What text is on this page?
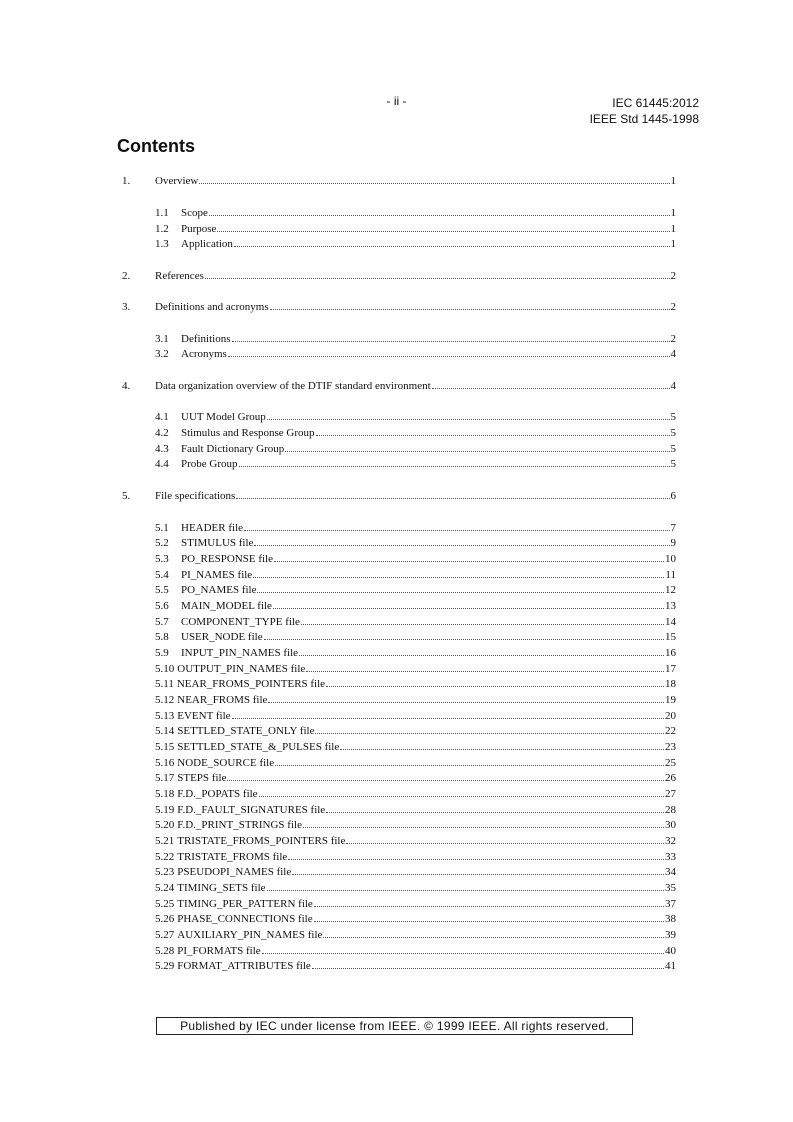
- ii -	IEC 61445:2012
IEEE Std 1445-1998
Contents
1.	Overview	1
1.1	Scope	1
1.2	Purpose	1
1.3	Application	1
2.	References	2
3.	Definitions and acronyms	2
3.1	Definitions	2
3.2	Acronyms	4
4.	Data organization overview of the DTIF standard environment	4
4.1	UUT Model Group	5
4.2	Stimulus and Response Group	5
4.3	Fault Dictionary Group	5
4.4	Probe Group	5
5.	File specifications	6
5.1	HEADER file	7
5.2	STIMULUS file	9
5.3	PO_RESPONSE file	10
5.4	PI_NAMES file	11
5.5	PO_NAMES file	12
5.6	MAIN_MODEL file	13
5.7	COMPONENT_TYPE file	14
5.8	USER_NODE file	15
5.9	INPUT_PIN_NAMES file	16
5.10 OUTPUT_PIN_NAMES file	17
5.11 NEAR_FROMS_POINTERS file	18
5.12 NEAR_FROMS file	19
5.13 EVENT file	20
5.14 SETTLED_STATE_ONLY file	22
5.15 SETTLED_STATE_&_PULSES file	23
5.16 NODE_SOURCE file	25
5.17 STEPS file	26
5.18 F.D._POPATS file	27
5.19 F.D._FAULT_SIGNATURES file	28
5.20 F.D._PRINT_STRINGS file	30
5.21 TRISTATE_FROMS_POINTERS file	32
5.22 TRISTATE_FROMS file	33
5.23 PSEUDOPI_NAMES file	34
5.24 TIMING_SETS file	35
5.25 TIMING_PER_PATTERN file	37
5.26 PHASE_CONNECTIONS file	38
5.27 AUXILIARY_PIN_NAMES file	39
5.28 PI_FORMATS file	40
5.29 FORMAT_ATTRIBUTES file	41
Published by IEC under license from IEEE. © 1999 IEEE. All rights reserved.
